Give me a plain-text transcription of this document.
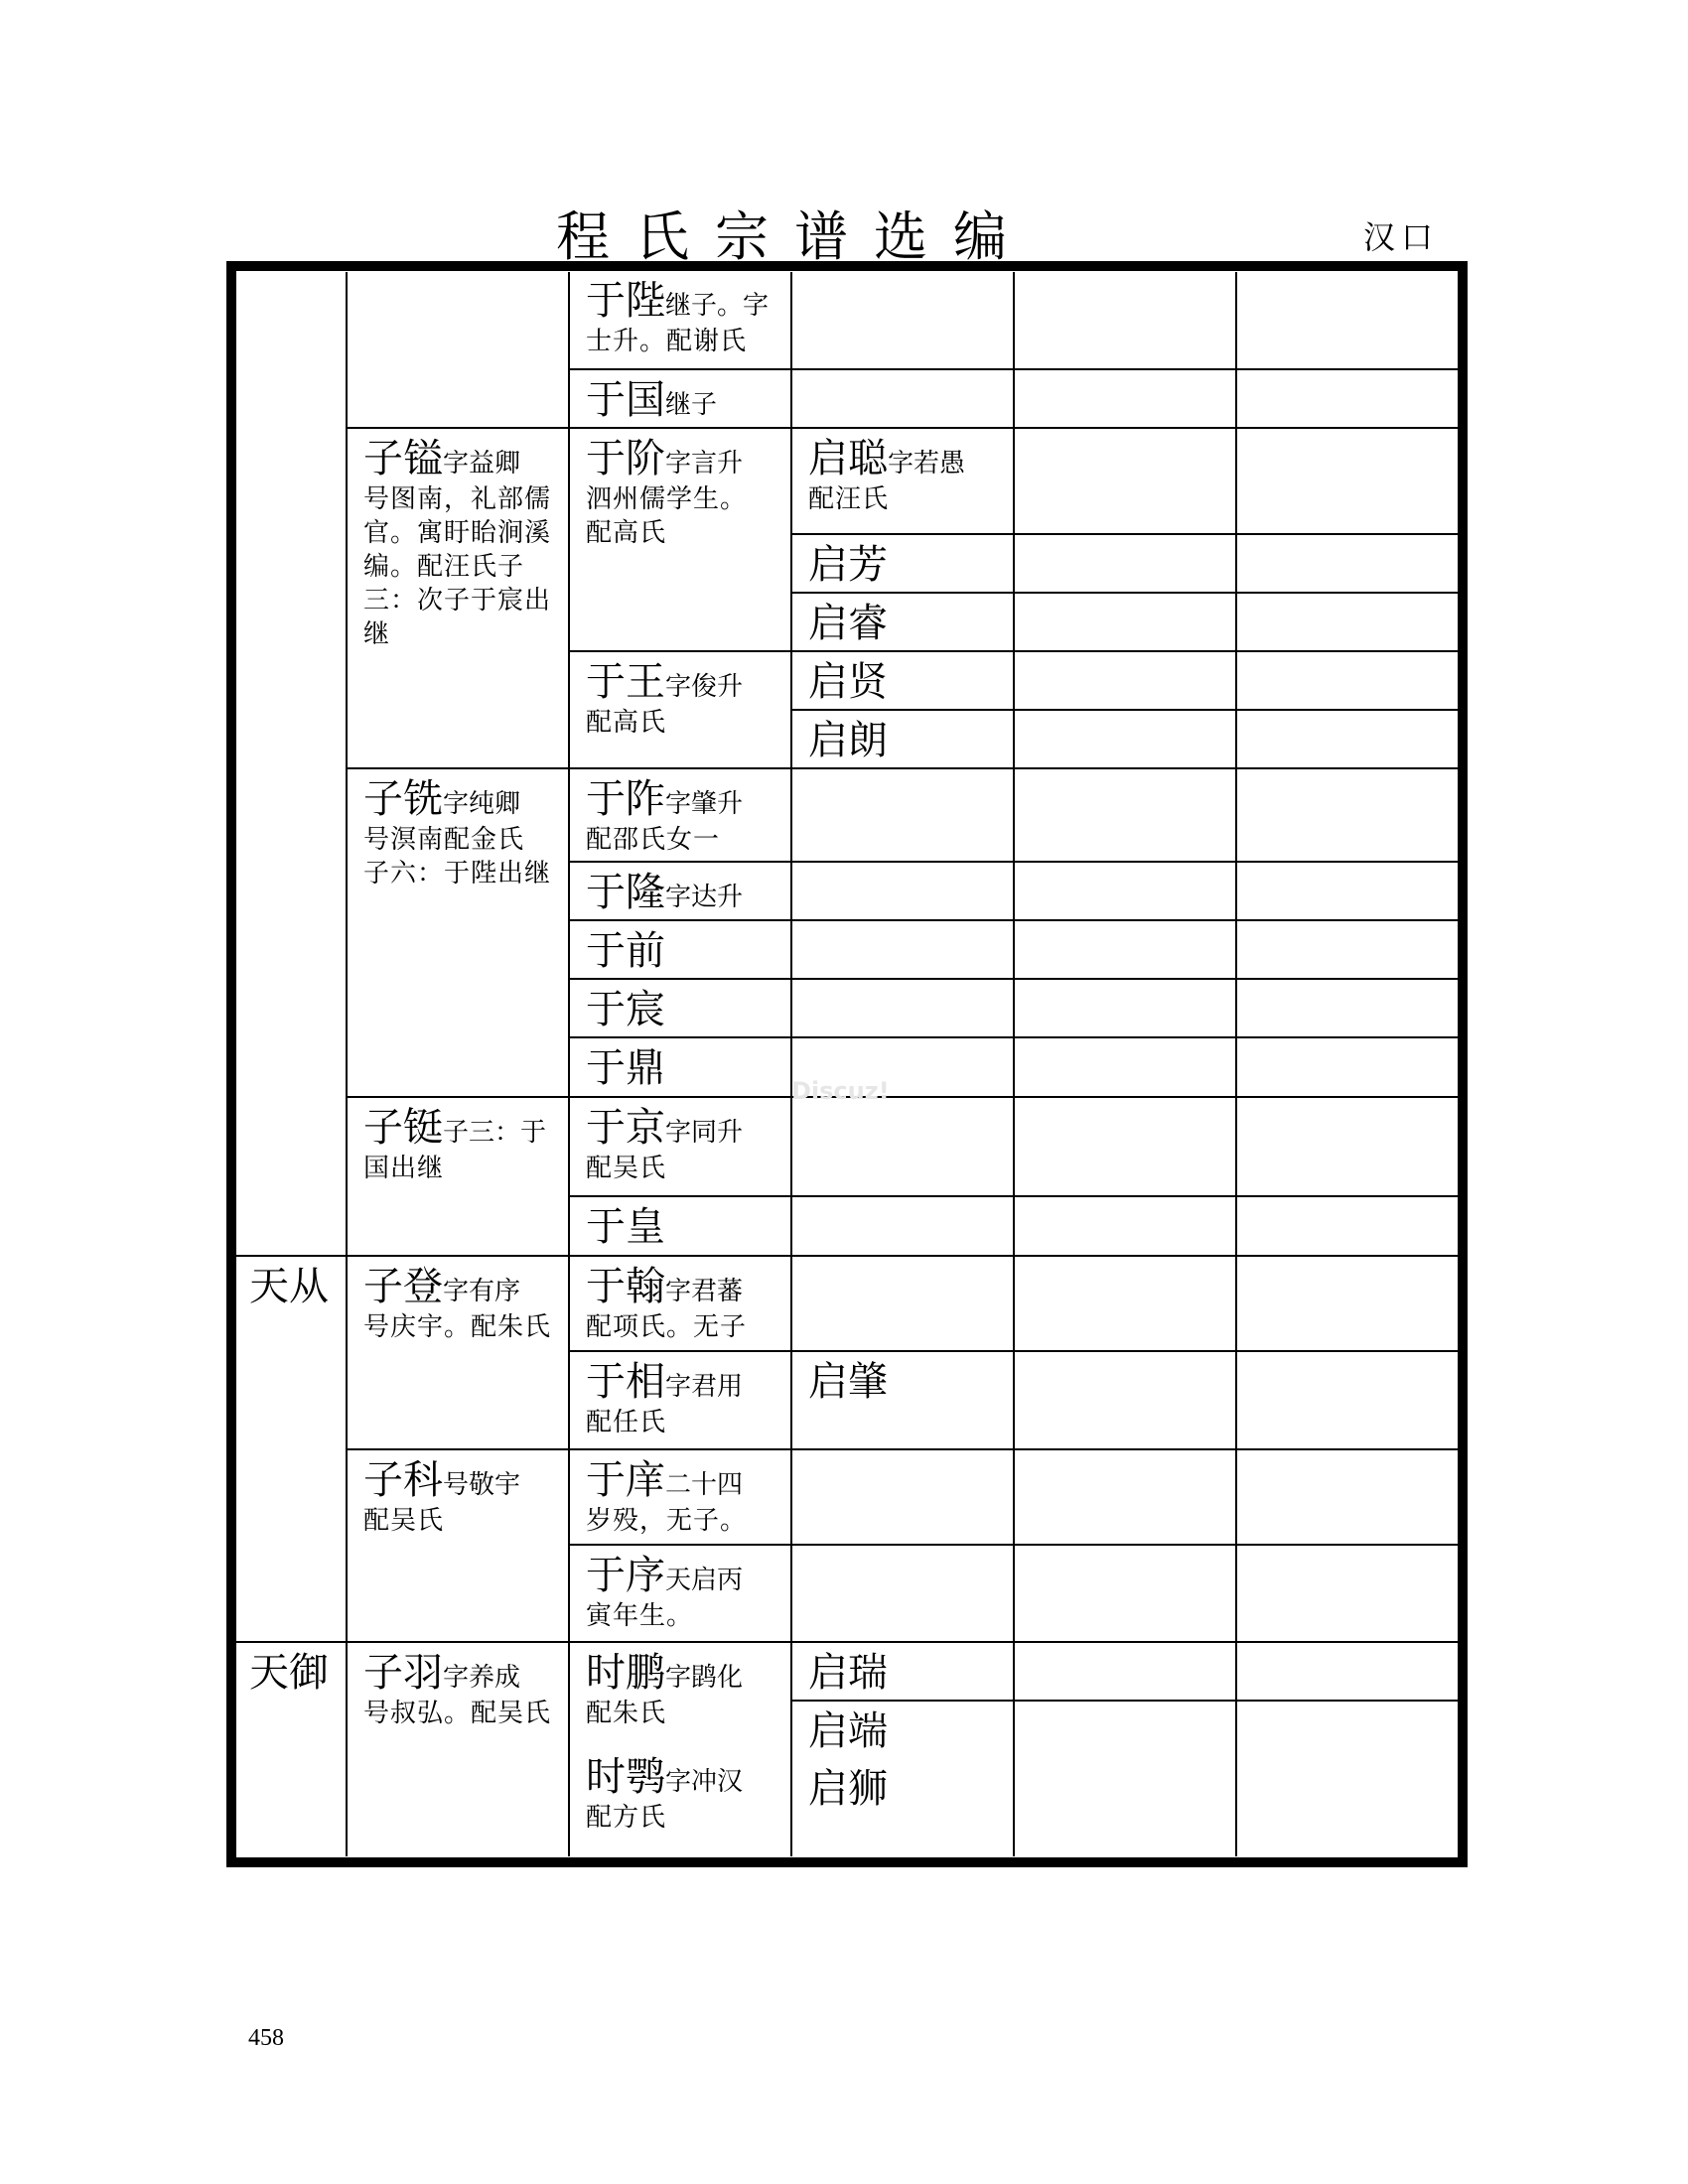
程氏宗谱选编	汉口
天从
天御
子镒字益卿
号图南，礼部儒
官。寓盱眙涧溪
编。配汪氏子
三：次子于宸出
继
子铣字纯卿
号溟南配金氏
子六：于陛出继
子铤子三：于
国出继
子登字有序
号庆宇。配朱氏
子科号敬宇
配吴氏
子羽字养成
号叔弘。配吴氏
于陛继子。字
士升。配谢氏
于国继子
于阶字言升
泗州儒学生。
配高氏
于王字俊升
配高氏
于阼字肇升
配邵氏女一
于隆字达升
于前
于宸
于鼎
于京字同升
配吴氏
于皇
于翰字君蕃
配项氏。无子
于相字君用
配任氏
于庠二十四
岁殁，无子。
于序天启丙
寅年生。
时鹏字鹍化
配朱氏
时鹗字冲汉
配方氏
启聪字若愚
配汪氏
启芳
启睿
启贤
启朗
启肇
启瑞
启端
启狮
Discuz!
458
